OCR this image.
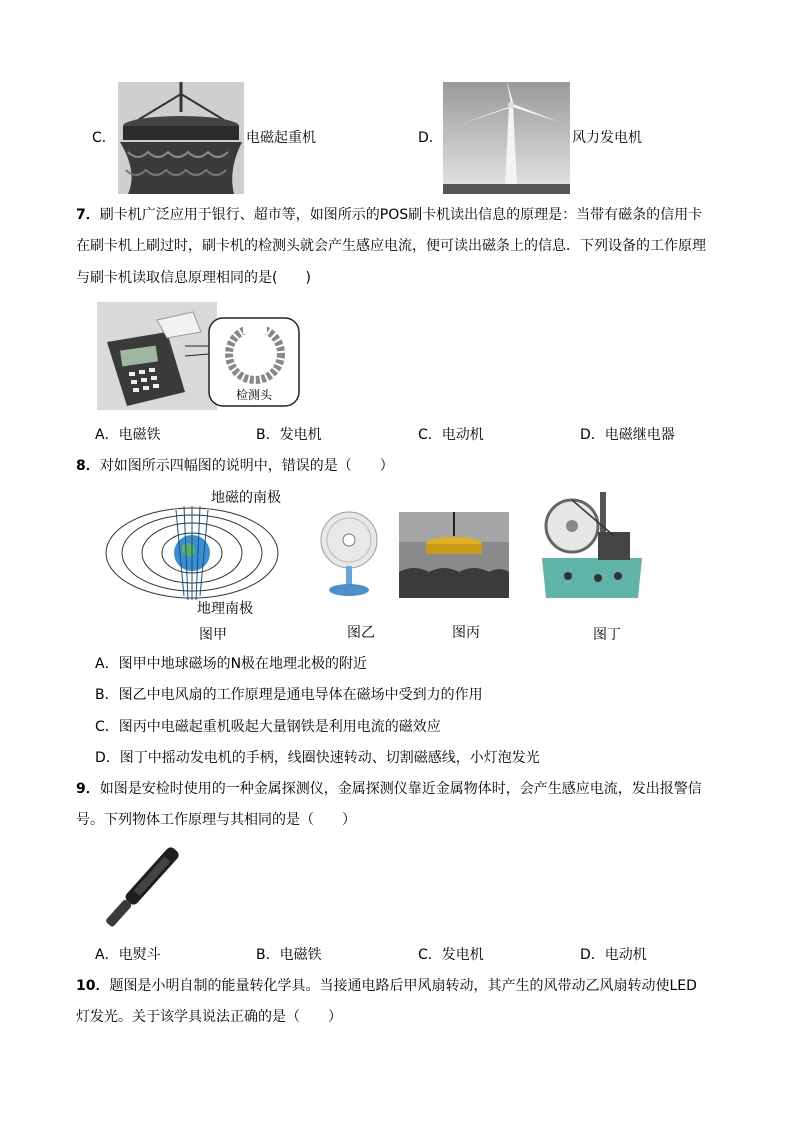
C．	电磁起重机	D．	风力发电机
7．刷卡机广泛应用于银行、超市等，如图所示的POS刷卡机读出信息的原理是：当带有磁条的信用卡
在刷卡机上刷过时，刷卡机的检测头就会产生感应电流，便可读出磁条上的信息．下列设备的工作原理
与刷卡机读取信息原理相同的是(　　)
检测头
A．电磁铁	B．发电机	C．电动机	D．电磁继电器
8．对如图所示四幅图的说明中，错误的是（　　）
地磁的南极
地理南极
图甲	图乙	图丙	图丁
A．图甲中地球磁场的N极在地理北极的附近
B．图乙中电风扇的工作原理是通电导体在磁场中受到力的作用
C．图丙中电磁起重机吸起大量钢铁是利用电流的磁效应
D．图丁中摇动发电机的手柄，线圈快速转动、切割磁感线，小灯泡发光
9．如图是安检时使用的一种金属探测仪，金属探测仪靠近金属物体时，会产生感应电流，发出报警信
号。下列物体工作原理与其相同的是（　　）
A．电熨斗	B．电磁铁	C．发电机	D．电动机
10．题图是小明自制的能量转化学具。当接通电路后甲风扇转动，其产生的风带动乙风扇转动使LED
灯发光。关于该学具说法正确的是（　　）
